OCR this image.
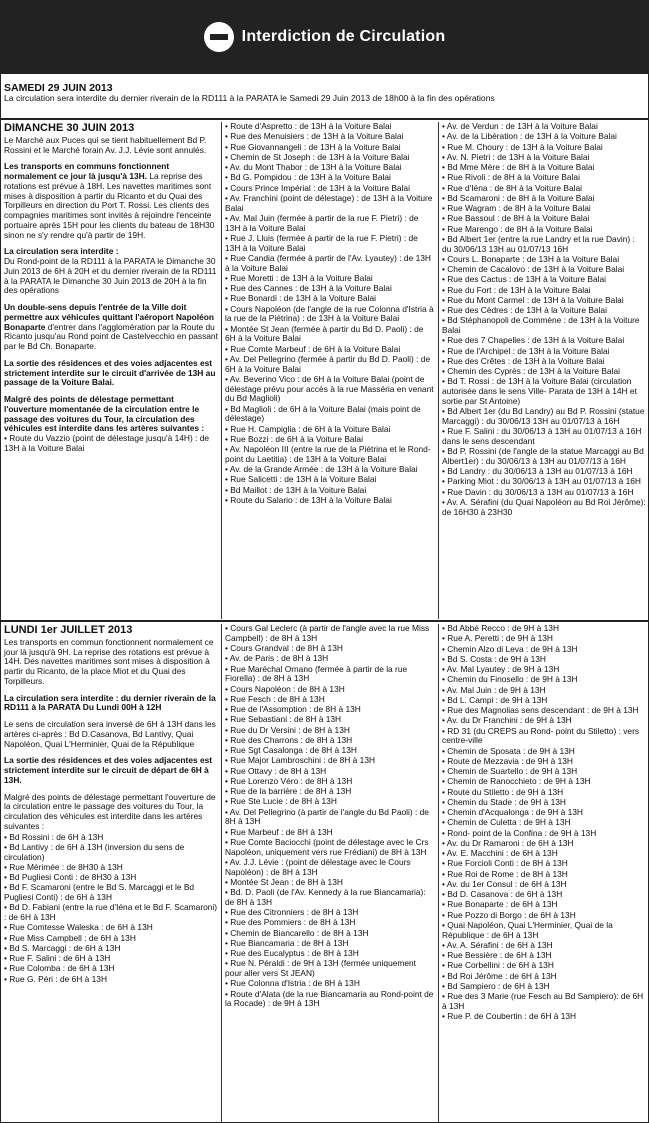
Interdiction de Circulation
SAMEDI 29 JUIN 2013
La circulation sera interdite du dernier riverain de la RD111 à la PARATA le Samedi 29 Juin 2013 de 18h00 à la fin des opérations
DIMANCHE 30 JUIN 2013
Le Marché aux Puces qui se tient habituellement Bd P. Rossini et le Marché forain Av. J.J. Lévie sont annulés.
Les transports en communs fonctionnent normalement ce jour là jusqu'à 13H. La reprise des rotations est prévue à 18H. Les navettes maritimes sont mises à disposition à partir du Ricanto et du Quai des Torpilleurs en direction du Port T. Rossi. Les clients des compagnies maritimes sont invités à rejoindre l'enceinte portuaire après 15H pour les clients du bateau de 18H30 sinon ne s'y rendre qu'à partir de 19H.
La circulation sera interdite :
Du Rond-point de la RD111 à la PARATA le Dimanche 30 Juin 2013 de 6H à 20H et du dernier riverain de la RD111 à la PARATA le Dimanche 30 Juin 2013 de 20H à la fin des opérations
Un double-sens depuis l'entrée de la Ville doit permettre aux véhicules quittant l'aéroport Napoléon Bonaparte d'entrer dans l'agglomération par la Route du Ricanto jusqu'au Rond point de Castelvecchio en passant par le Bd Ch. Bonaparte.
La sortie des résidences et des voies adjacentes est strictement interdite sur le circuit d'arrivée de 13H au passage de la Voiture Balai.
Malgré des points de délestage permettant l'ouverture momentanée de la circulation entre le passage des voitures du Tour, la circulation des véhicules est interdite dans les artères suivantes :
• Route du Vazzio (point de délestage jusqu'à 14H) : de 13H à la Voiture Balai
• Route d'Aspretto : de 13H à la Voiture Balai
• Rue des Menuisiers : de 13H à la Voiture Balai
• Rue Giovannangeli : de 13H à la Voiture Balai
• Chemin de St Joseph : de 13H à la Voiture Balai
• Av. du Mont Thabor : de 13H à la Voiture Balai
• Bd G. Pompidou : de 13H à la Voiture Balai
• Cours Prince Impérial : de 13H à la Voiture Balai
• Av. Franchini (point de délestage) : de 13H à la Voiture Balai
• Av. Mal Juin (fermée à partir de la rue F. Pietri) : de 13H à la Voiture Balai
• Rue J. Lluis (fermée à partir de la rue F. Pietri) : de 13H à la Voiture Balai
• Rue Candia (fermée à partir de l'Av. Lyautey) : de 13H à la Voiture Balai
• Rue Moretti : de 13H à la Voiture Balai
• Rue des Cannes : de 13H à la Voiture Balai
• Rue Bonardi : de 13H à la Voiture Balai
• Cours Napoléon (de l'angle de la rue Colonna d'Istria à la rue de la Piétrina) : de 13H à la Voiture Balai
• Montée St Jean (fermée à partir du Bd D. Paoli) : de 6H à la Voiture Balai
• Rue Comte Marbeuf : de 6H à la Voiture Balai
• Av. Del Pellegrino (fermée à partir du Bd D. Paoli) : de 6H à la Voiture Balai
• Av. Beverino Vico : de 6H à la Voiture Balai (point de délestage prévu pour accès à la rue Masséria en venant du Bd Maglioli)
• Bd Maglioli : de 6H à la Voiture Balai (mais point de délestage)
• Rue H. Campiglia : de 6H à la Voiture Balai
• Rue Bozzi : de 6H à la Voiture Balai
• Av. Napoléon III (entre la rue de la Piétrina et le Rond-point du Laetitia) : de 13H à la Voiture Balai
• Av. de la Grande Armée : de 13H à la Voiture Balai
• Rue Salicetti : de 13H à la Voiture Balai
• Bd Maillot : de 13H à la Voiture Balai
• Route du Salario : de 13H à la Voiture Balai
• Av. de Verdun : de 13H à la Voiture Balai
• Av. de la Libération : de 13H à la Voiture Balai
• Rue M. Choury : de 13H à la Voiture Balai
• Av. N. Pietri : de 13H à la Voiture Balai
• Bd Mme Mère : de 8H à la Voiture Balai
• Rue Rivoli : de 8H à la Voiture Balai
• Rue d'Iéna : de 8H à la Voiture Balai
• Bd Scamaroni : de 8H à la Voiture Balai
• Rue Wagram : de 8H à la Voiture Balai
• Rue Bassoul : de 8H à la Voiture Balai
• Rue Marengo : de 8H à la Voiture Balai
• Bd Albert 1er (entre la rue Landry et la rue Davin) : du 30/06/13 13H au 01/07/13 16H
• Cours L. Bonaparte : de 13H à la Voiture Balai
• Chemin de Cacalovo : de 13H à la Voiture Balai
• Rue des Cactus : de 13H à la Voiture Balai
• Rue du Fort : de 13H à la Voiture Balai
• Rue du Mont Carmel : de 13H à la Voiture Balai
• Rue des Cèdres : de 13H à la Voiture Balai
• Bd Stéphanopoli de Commène : de 13H à la Voiture Balai
• Rue des 7 Chapelles : de 13H à la Voiture Balai
• Rue de l'Archipel : de 13H à la Voiture Balai
• Rue des Crêtes : de 13H à la Voiture Balai
• Chemin des Cyprès : de 13H à la Voiture Balai
• Bd T. Rossi : de 13H à la Voiture Balai (circulation autorisée dans le sens Ville- Parata de 13H à 14H et sortie par St Antoine)
• Bd Albert 1er (du Bd Landry) au Bd P. Rossini (statue Marcaggi) : du 30/06/13 13H au 01/07/13 à 16H
• Rue F. Salini : du 30/06/13 à 13H au 01/07/13 à 16H dans le sens descendant
• Bd P. Rossini (de l'angle de la statue Marcaggi au Bd Albert1er) : du 30/06/13 à 13H au 01/07/13 à 16H
• Bd Landry : du 30/06/13 à 13H au 01/07/13 à 16H
• Parking Miot : du 30/06/13 à 13H au 01/07/13 à 16H
• Rue Davin : du 30/06/13 à 13H au 01/07/13 à 16H
• Av. A. Sérafini (du Quai Napoléon au Bd Roi Jérôme): de 16H30 à 23H30
LUNDI 1er JUILLET 2013
Les transports en commun fonctionnent normalement ce jour là jusqu'à 9H. La reprise des rotations est prévue à 14H. Des navettes maritimes sont mises à disposition à partir du Ricanto, de la place Miot et du Quai des Torpilleurs.
La circulation sera interdite : du dernier riverain de la RD111 à la PARATA Du Lundi 00H à 12H
Le sens de circulation sera inversé de 6H à 13H dans les artères ci-après : Bd D.Casanova, Bd Lantivy, Quai Napoléon, Quai L'Herminier, Quai de la République
La sortie des résidences et des voies adjacentes est strictement interdite sur le circuit de départ de 6H à 13H.
Malgré des points de délestage permettant l'ouverture de la circulation entre le passage des voitures du Tour, la circulation des véhicules est interdite dans les artères suivantes :
• Bd Rossini : de 6H à 13H
• Bd Lantivy : de 6H à 13H (inversion du sens de circulation)
• Rue Mérimée : de 8H30 à 13H
• Bd Pugliesi Conti : de 8H30 à 13H
• Bd F. Scamaroni (entre le Bd S. Marcaggi et le Bd Pugliesi Conti) : de 6H à 13H
• Bd D. Fabiani (entre la rue d'Iéna et le Bd F. Scamaroni) : de 6H à 13H
• Rue Comtesse Waleska : de 6H à 13H
• Rue Miss Campbell : de 6H à 13H
• Bd S. Marcaggi : de 6H à 13H
• Rue F. Salini : de 6H à 13H
• Rue Colomba : de 6H à 13H
• Rue G. Péri : de 6H à 13H
• Cours Gal Leclerc (à partir de l'angle avec la rue Miss Campbell) : de 8H à 13H
• Cours Grandval : de 8H à 13H
• Av. de Paris : de 8H à 13H
• Rue Maréchal Ornano (fermée à partir de la rue Fiorella) : de 8H à 13H
• Cours Napoléon : de 8H à 13H
• Rue Fesch : de 8H à 13H
• Rue de l'Assomption : de 8H à 13H
• Rue Sebastiani : de 8H à 13H
• Rue du Dr Versini : de 8H à 13H
• Rue des Charrons : de 8H à 13H
• Rue Sgt Casalonga : de 8H à 13H
• Rue Major Lambroschini : de 8H à 13H
• Rue Ottavy : de 8H à 13H
• Rue Lorenzo Véro : de 8H à 13H
• Rue de la barrière : de 8H à 13H
• Rue Ste Lucie : de 8H à 13H
• Av. Del Pellegrino (à partir de l'angle du Bd Paoli) : de 8H à 13H
• Rue Marbeuf : de 8H à 13H
• Rue Comte Baciocchi (point de délestage avec le Crs Napoléon, uniquement vers rue Frédiani) de 8H à 13H
• Av. J.J. Lévie : (point de délestage avec le Cours Napoléon) : de 8H à 13H
• Montée St Jean : de 8H à 13H
• Bd. D. Paoli (de l'Av. Kennedy à la rue Biancamaria): de 8H à 13H
• Rue des Citronniers : de 8H à 13H
• Rue des Pommiers : de 8H à 13H
• Chemin de Biancarello : de 8H à 13H
• Rue Biancamaria : de 8H à 13H
• Rue des Eucalyptus : de 8H à 13H
• Rue N. Péraldi : de 9H à 13H (fermée uniquement pour aller vers St JEAN)
• Rue Colonna d'Istria : de 8H à 13H
• Route d'Alata (de la rue Biancamaria au Rond-point de la Rocade) : de 9H à 13H
• Bd Abbé Recco : de 9H à 13H
• Rue A. Peretti : de 9H à 13H
• Chemin Alzo di Leva : de 9H à 13H
• Bd S. Costa : de 9H à 13H
• Av. Mal Lyautey : de 9H à 13H
• Chemin du Finosello : de 9H à 13H
• Av. Mal Juin : de 9H à 13H
• Bd L. Campi : de 9H à 13H
• Rue des Magnolias sens descendant : de 9H à 13H
• Av. du Dr Franchini : de 9H à 13H
• RD 31 (du CREPS au Rond- point du Stiletto) : vers centre-ville
• Chemin de Sposata : de 9H à 13H
• Route de Mezzavia : de 9H à 13H
• Chemin de Suartello : de 9H à 13H
• Chemin de Ranocchieto : de 9H à 13H
• Route du Stiletto : de 9H à 13H
• Chemin du Stade : de 9H à 13H
• Chemin d'Acqualonga : de 9H à 13H
• Chemin de Culetta : de 9H à 13H
• Rond- point de la Confina : de 9H à 13H
• Av. du Dr Ramaroni : de 6H à 13H
• Av. E. Macchini : de 6H à 13H
• Rue Forcioli Conti : de 8H à 13H
• Rue Roi de Rome : de 8H à 13H
• Av. du 1er Consul : de 6H à 13H
• Bd D. Casanova : de 6H à 13H
• Rue Bonaparte : de 6H à 13H
• Rue Pozzo di Borgo : de 6H à 13H
• Quai Napoléon, Quai L'Herminier, Quai de la République : de 6H à 13H
• Av. A. Sérafini : de 6H à 13H
• Rue Bessière : de 6H à 13H
• Rue Corbellini : de 6H à 13H
• Bd Roi Jérôme : de 6H à 13H
• Bd Sampiero : de 6H à 13H
• Rue des 3 Marie (rue Fesch au Bd Sampiero): de 6H à 13H
• Rue P. de Coubertin : de 6H à 13H
